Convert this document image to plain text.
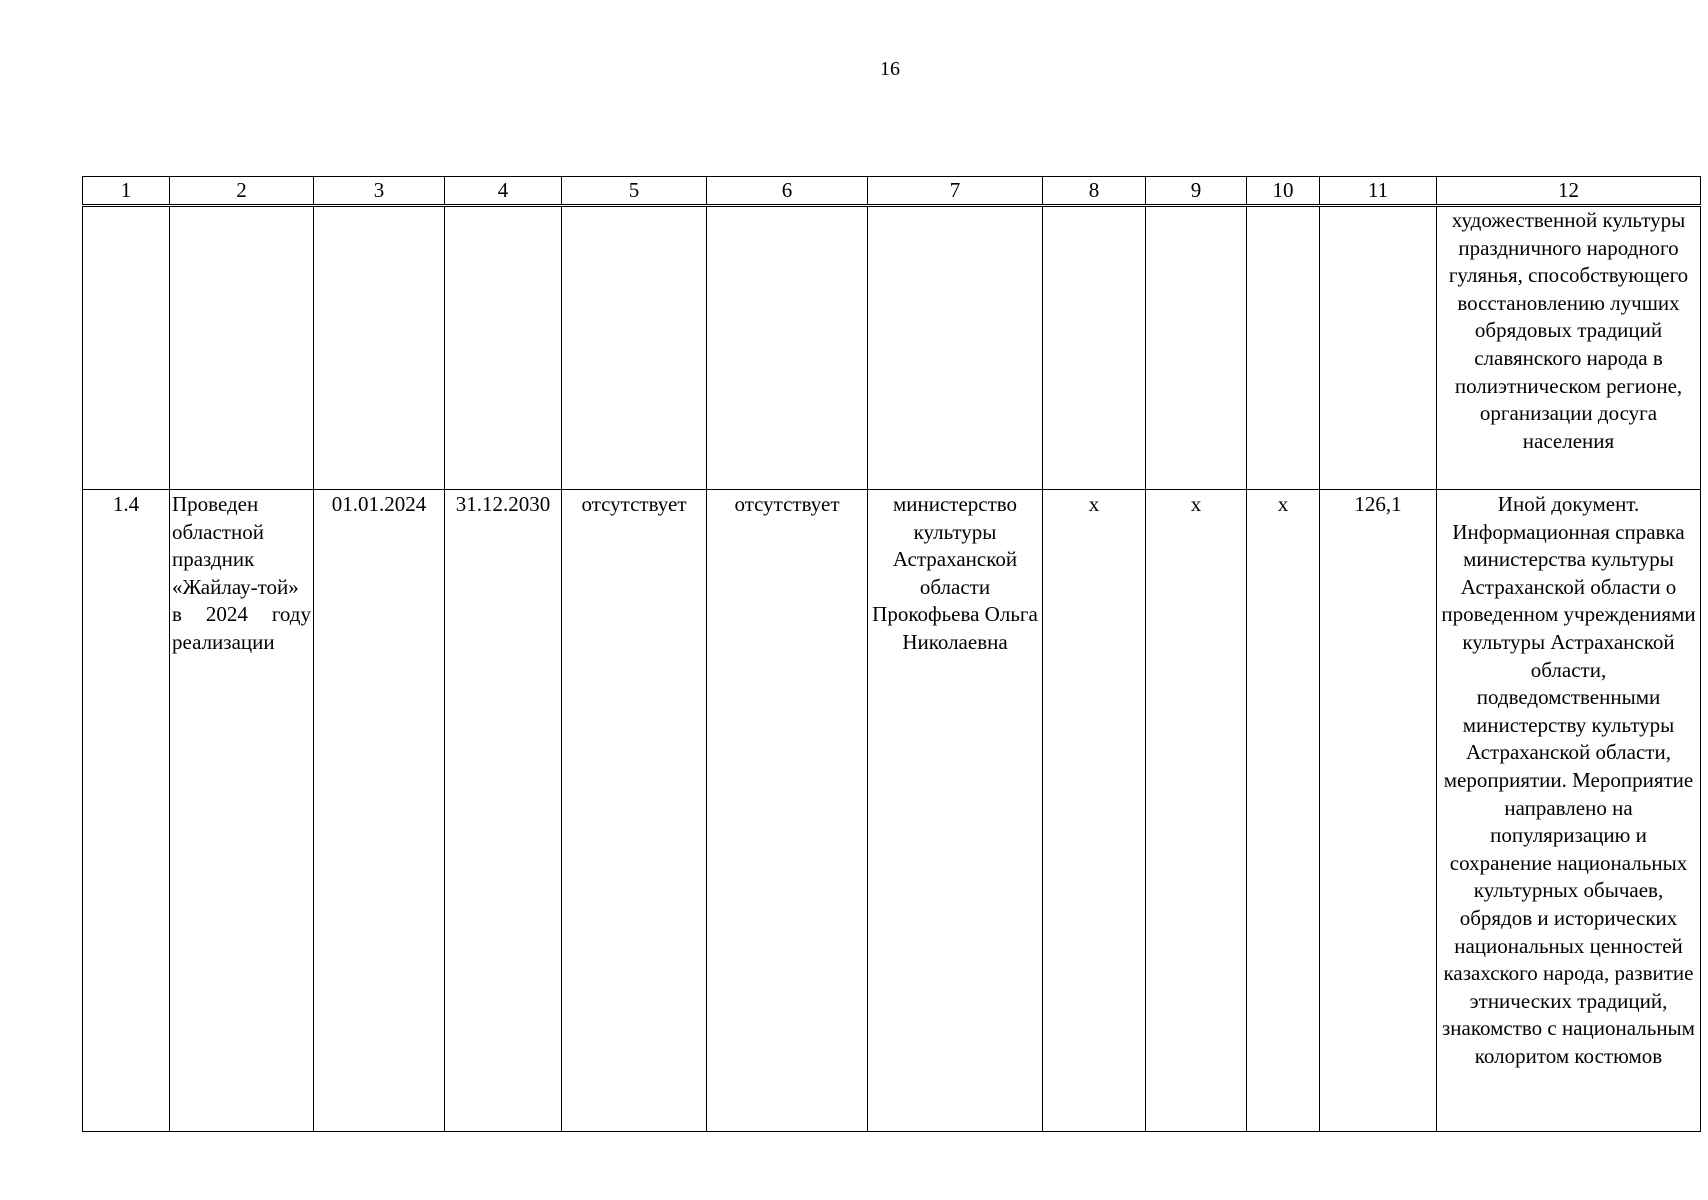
16
1	2	3	4	5	6	7	8	9	10	11	12
											художественной культуры праздничного народного гулянья, способствующего восстановлению лучших обрядовых традиций славянского народа в полиэтническом регионе, организации досуга населения
1.4	Проведен областной праздник «Жайлау-той» в 2024 году реализации	01.01.2024	31.12.2030	отсутствует	отсутствует	министерство культуры Астраханской области Прокофьева Ольга Николаевна	х	х	х	126,1	Иной документ. Информационная справка министерства культуры Астраханской области о проведенном учреждениями культуры Астраханской области, подведомственными министерству культуры Астраханской области, мероприятии. Мероприятие направлено на популяризацию и сохранение национальных культурных обычаев, обрядов и исторических национальных ценностей казахского народа, развитие этнических традиций, знакомство с национальным колоритом костюмов
